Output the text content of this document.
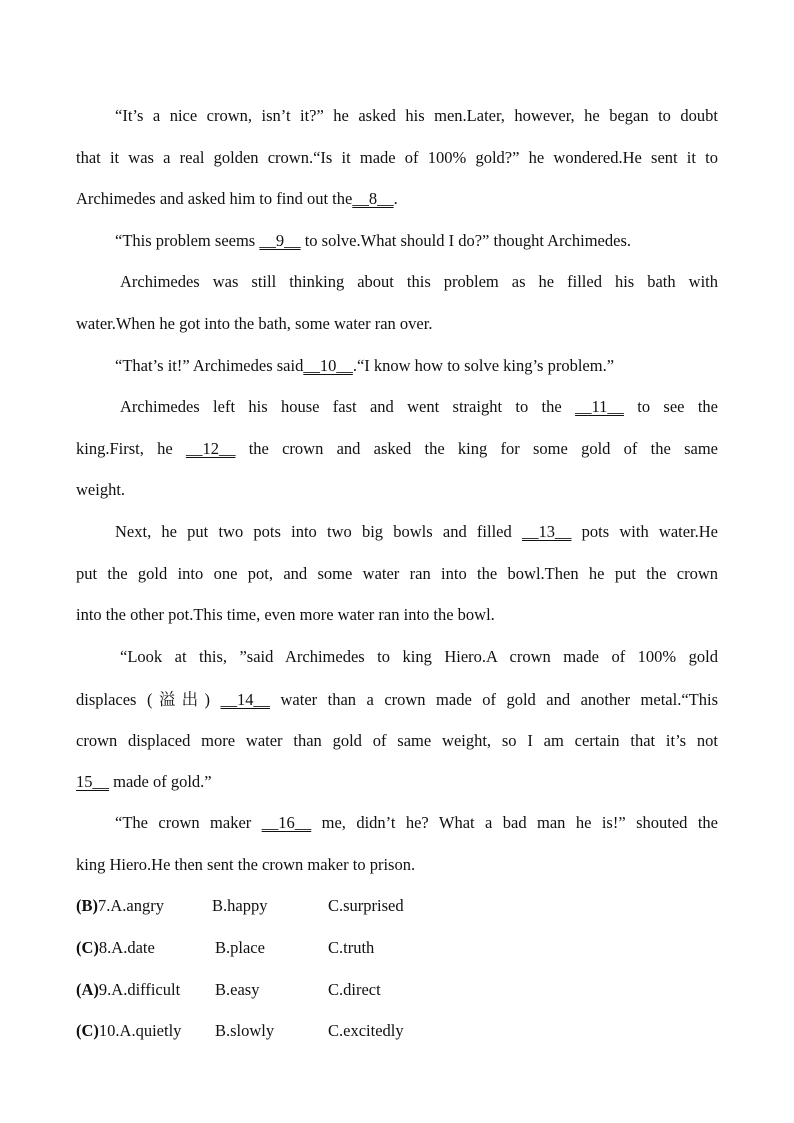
“It’s a nice crown, isn’t it?” he asked his men.Later, however, he began to doubt
that it was a real golden crown.“Is it made of 100% gold?” he wondered.He sent it to
Archimedes and asked him to find out the__8__.
“This problem seems __9__ to solve.What should I do?” thought Archimedes.
Archimedes was still thinking about this problem as he filled his bath with
water.When he got into the bath, some water ran over.
“That’s it!” Archimedes said__10__.“I know how to solve king’s problem.”
Archimedes left his house fast and went straight to the __11__ to see the
king.First, he __12__ the crown and asked the king for some gold of the same
weight.
Next, he put two pots into two big bowls and filled __13__ pots with water.He
put the gold into one pot, and some water ran into the bowl.Then he put the crown
into the other pot.This time, even more water ran into the bowl.
“Look at this, ”said Archimedes to king Hiero.A crown made of 100% gold
displaces (溢出) __14__ water than a crown made of gold and another metal.“This
crown displaced more water than gold of same weight, so I am certain that it’s not
15__ made of gold.”
“The crown maker __16__ me, didn’t he? What a bad man he is!” shouted the
king Hiero.He then sent the crown maker to prison.
(B)7.A.angry	B.happy	C.surprised
(C)8.A.date	B.place	C.truth
(A)9.A.difficult B.easy	C.direct
(C)10.A.quietly B.slowly	C.excitedly
